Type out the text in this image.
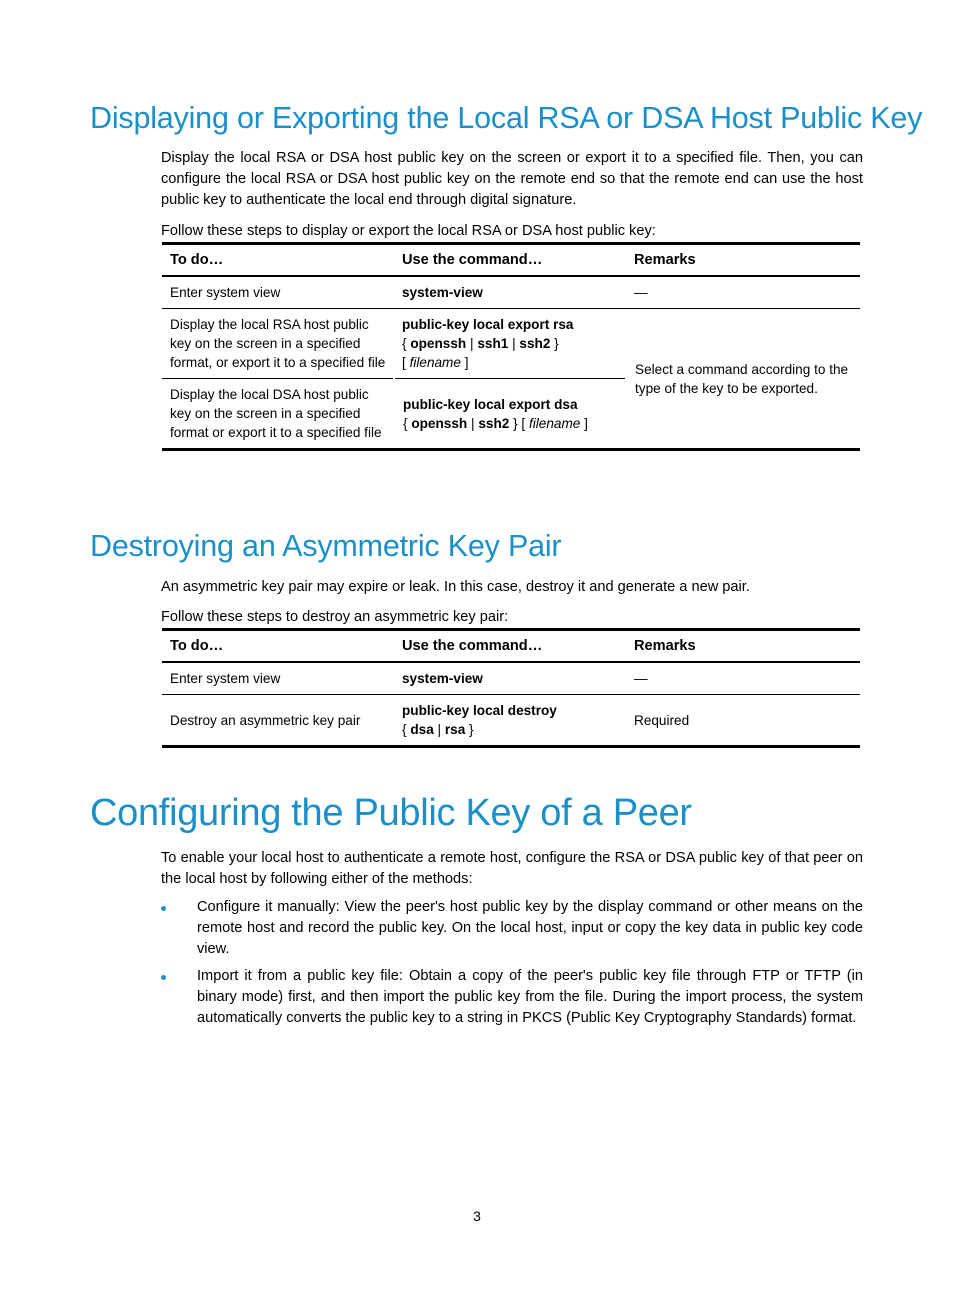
Displaying or Exporting the Local RSA or DSA Host Public Key

Display the local RSA or DSA host public key on the screen or export it to a specified file. Then, you can configure the local RSA or DSA host public key on the remote end so that the remote end can use the host public key to authenticate the local end through digital signature.

Follow these steps to display or export the local RSA or DSA host public key:

To do…	Use the command…	Remarks
Enter system view	system-view	—
Display the local RSA host public key on the screen in a specified format, or export it to a specified file	public-key local export rsa
{ openssh | ssh1 | ssh2 }
[ filename ]	Select a command according to the type of the key to be exported.
Display the local DSA host public key on the screen in a specified format or export it to a specified file	public-key local export dsa
{ openssh | ssh2 } [ filename ]	
Destroying an Asymmetric Key Pair

An asymmetric key pair may expire or leak. In this case, destroy it and generate a new pair.

Follow these steps to destroy an asymmetric key pair:

To do…	Use the command…	Remarks
Enter system view	system-view	—
Destroy an asymmetric key pair	public-key local destroy
{ dsa | rsa }	Required
Configuring the Public Key of a Peer

To enable your local host to authenticate a remote host, configure the RSA or DSA public key of that peer on the local host by following either of the methods:

Configure it manually: View the peer's host public key by the display command or other means on the remote host and record the public key. On the local host, input or copy the key data in public key code view.
Import it from a public key file: Obtain a copy of the peer's public key file through FTP or TFTP (in binary mode) first, and then import the public key from the file. During the import process, the system automatically converts the public key to a string in PKCS (Public Key Cryptography Standards) format.
3
